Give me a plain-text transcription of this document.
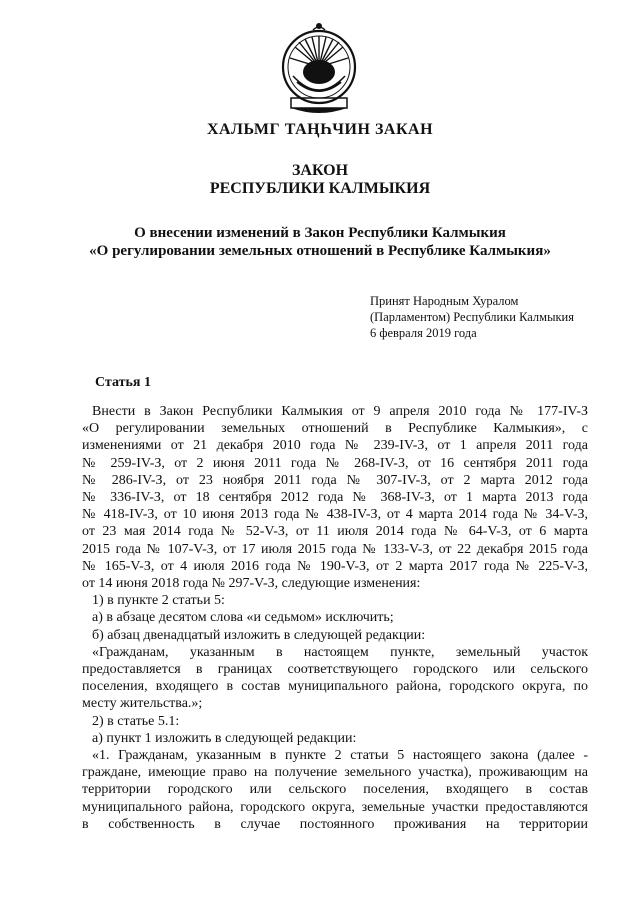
ХАЛЬМГ ТАҢҺЧИН ЗАКАН
ЗАКОН
РЕСПУБЛИКИ КАЛМЫКИЯ
О внесении изменений в Закон Республики Калмыкия
«О регулировании земельных отношений в Республике Калмыкия»
Принят Народным Хуралом
(Парламентом) Республики Калмыкия
6 февраля 2019 года
Статья 1
Внести в Закон Республики Калмыкия от 9 апреля 2010 года № 177-IV-З
«О регулировании земельных отношений в Республике Калмыкия», с
изменениями от 21 декабря 2010 года № 239-IV-З, от 1 апреля 2011 года
№ 259-IV-З, от 2 июня 2011 года № 268-IV-З, от 16 сентября 2011 года
№ 286-IV-З, от 23 ноября 2011 года № 307-IV-З, от 2 марта 2012 года
№ 336-IV-З, от 18 сентября 2012 года № 368-IV-З, от 1 марта 2013 года
№ 418-IV-З, от 10 июня 2013 года № 438-IV-З, от 4 марта 2014 года № 34-V-З,
от 23 мая 2014 года № 52-V-З, от 11 июля 2014 года № 64-V-З, от 6 марта
2015 года № 107-V-З, от 17 июля 2015 года № 133-V-З, от 22 декабря 2015 года
№ 165-V-З, от 4 июля 2016 года № 190-V-З, от 2 марта 2017 года № 225-V-З,
от 14 июня 2018 года № 297-V-З, следующие изменения:
1) в пункте 2 статьи 5:
а) в абзаце десятом слова «и седьмом» исключить;
б) абзац двенадцатый изложить в следующей редакции:
«Гражданам, указанным в настоящем пункте, земельный участок
предоставляется в границах соответствующего городского или сельского
поселения, входящего в состав муниципального района, городского округа, по
месту жительства.»;
2) в статье 5.1:
а) пункт 1 изложить в следующей редакции:
«1. Гражданам, указанным в пункте 2 статьи 5 настоящего закона (далее -
граждане, имеющие право на получение земельного участка), проживающим на
территории городского или сельского поселения, входящего в состав
муниципального района, городского округа, земельные участки предоставляются
в собственность в случае постоянного проживания на территории
